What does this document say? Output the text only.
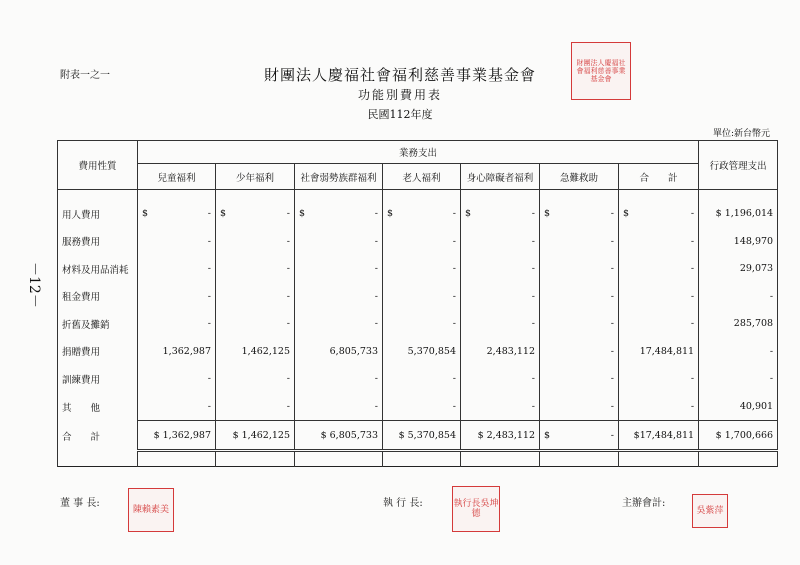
附表一之一	財團法人慶福社會福利慈善事業基金會
功能別費用表
民國112年度
單位:新台幣元
－12－
財團法人慶福社會福利慈善事業基金會
費用性質	業務支出							行政管理支出
	兒童福利	少年福利	社會弱勢族群福利	老人福利	身心障礙者福利	急難救助	合　　計	

用人費用	$ -	$ -	$ -	$ -	$ -	$ -	$ -	$ 1,196,014
服務費用	-	-	-	-	-	-	-	148,970
材料及用品消耗	-	-	-	-	-	-	-	29,073
租金費用	-	-	-	-	-	-	-	-
折舊及攤銷	-	-	-	-	-	-	-	285,708
捐贈費用	1,362,987	1,462,125	6,805,733	5,370,854	2,483,112	-	17,484,811	-
訓練費用	-	-	-	-	-	-	-	-
其　　他	-	-	-	-	-	-	-	40,901
合　　計	$ 1,362,987	$ 1,462,125	$ 6,805,733	$ 5,370,854	$ 2,483,112	$ -	$17,484,811	$ 1,700,666

董 事 長:
陳賴素美
執 行 長:	執行長吳坤德
主辦會計:
吳紫萍
